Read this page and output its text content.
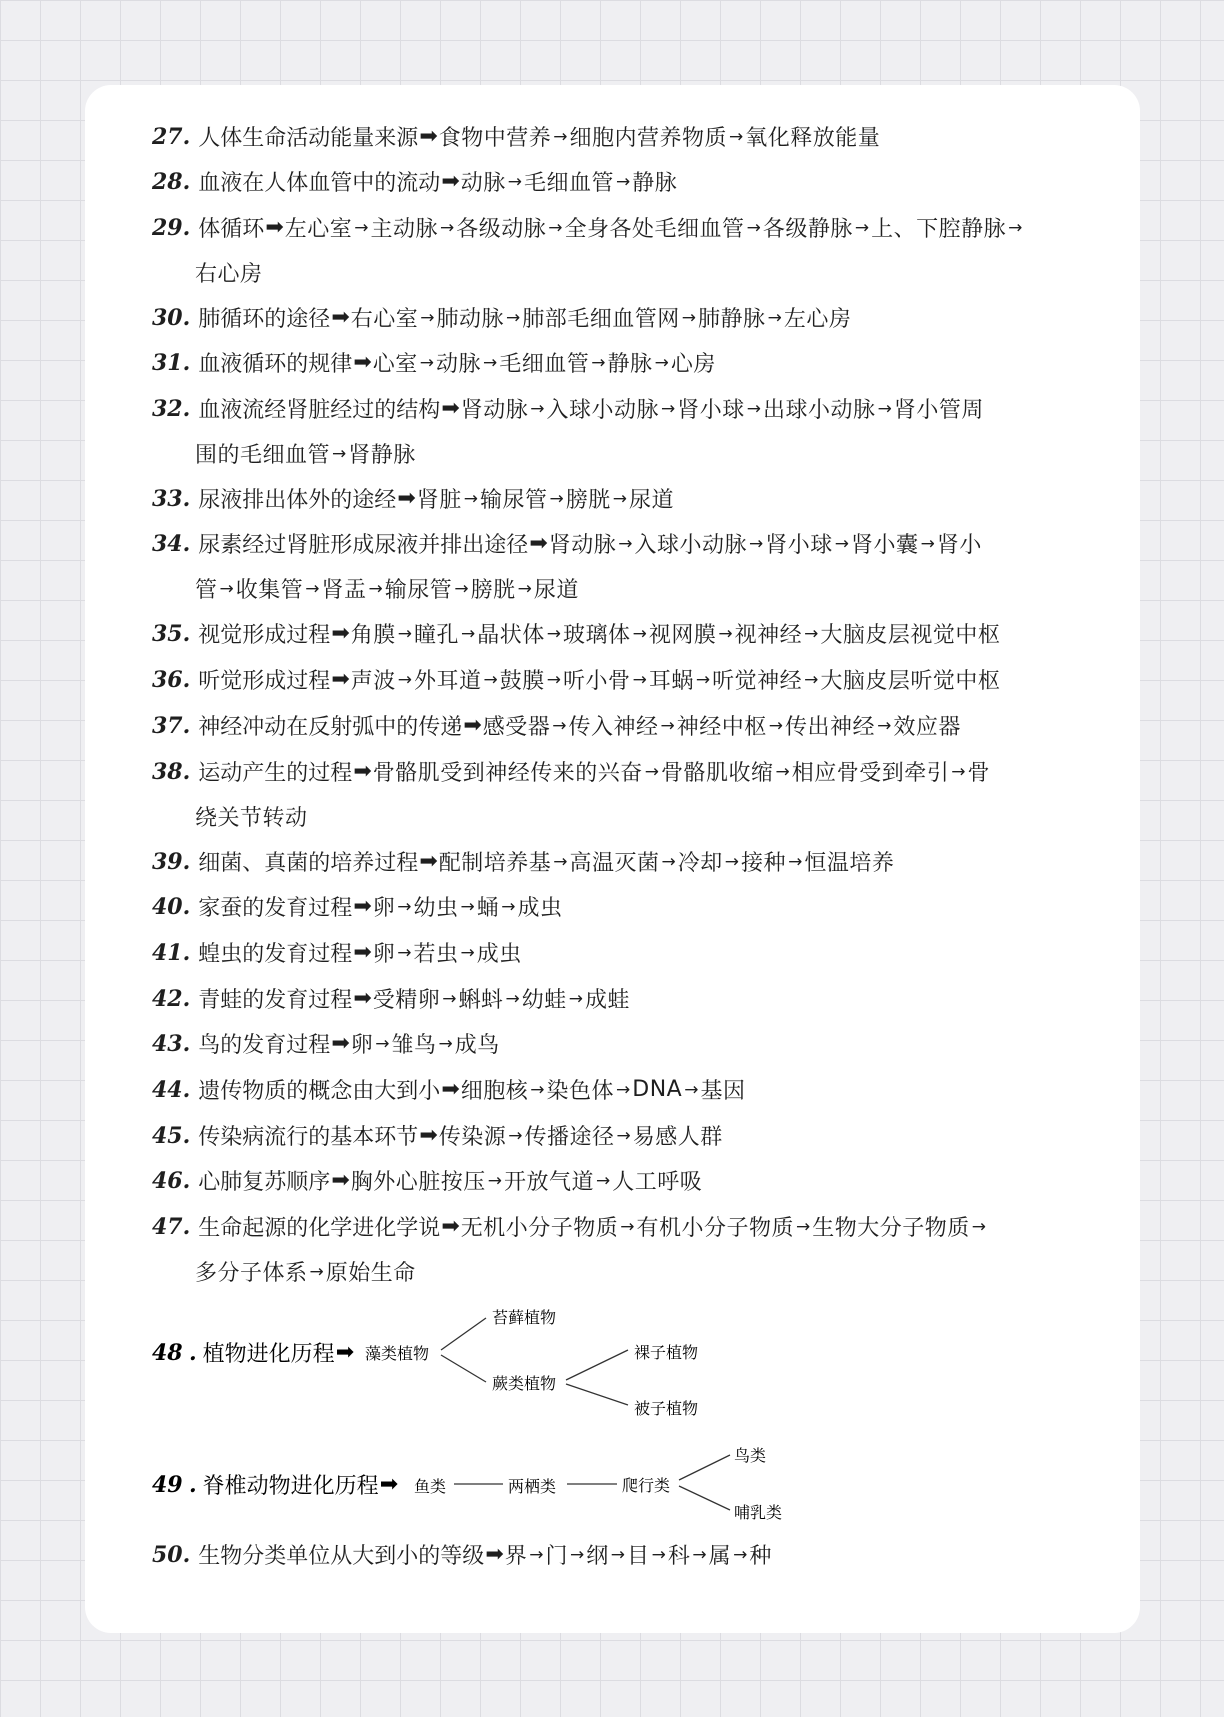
27 . 人体生命活动能量来源 ➡ 食物中营养 → 细胞内营养物质 → 氧化释放能量
28 . 血液在人体血管中的流动 ➡ 动脉 → 毛细血管 → 静脉
29 . 体循环 ➡ 左心室 → 主动脉 → 各级动脉 → 全身各处毛细血管 → 各级静脉 → 上、下腔静脉 →
右心房
30 . 肺循环的途径 ➡ 右心室 → 肺动脉 → 肺部毛细血管网 → 肺静脉 → 左心房
31 . 血液循环的规律 ➡ 心室 → 动脉 → 毛细血管 → 静脉 → 心房
32 . 血液流经肾脏经过的结构 ➡ 肾动脉 → 入球小动脉 → 肾小球 → 出球小动脉 → 肾小管周
围的毛细血管 → 肾静脉
33 . 尿液排出体外的途经 ➡ 肾脏 → 输尿管 → 膀胱 → 尿道
34 . 尿素经过肾脏形成尿液并排出途径 ➡ 肾动脉 → 入球小动脉 → 肾小球 → 肾小囊 → 肾小
管 → 收集管 → 肾盂 → 输尿管 → 膀胱 → 尿道
35 . 视觉形成过程 ➡ 角膜 → 瞳孔 → 晶状体 → 玻璃体 → 视网膜 → 视神经 → 大脑皮层视觉中枢
36 . 听觉形成过程 ➡ 声波 → 外耳道 → 鼓膜 → 听小骨 → 耳蜗 → 听觉神经 → 大脑皮层听觉中枢
37 . 神经冲动在反射弧中的传递 ➡ 感受器 → 传入神经 → 神经中枢 → 传出神经 → 效应器
38 . 运动产生的过程 ➡ 骨骼肌受到神经传来的兴奋 → 骨骼肌收缩 → 相应骨受到牵引 → 骨
绕关节转动
39 . 细菌、真菌的培养过程 ➡ 配制培养基 → 高温灭菌 → 冷却 → 接种 → 恒温培养
40 . 家蚕的发育过程 ➡ 卵 → 幼虫 → 蛹 → 成虫
41 . 蝗虫的发育过程 ➡ 卵 → 若虫 → 成虫
42 . 青蛙的发育过程 ➡ 受精卵 → 蝌蚪 → 幼蛙 → 成蛙
43 . 鸟的发育过程 ➡ 卵 → 雏鸟 → 成鸟
44 . 遗传物质的概念由大到小 ➡ 细胞核 → 染色体 → DNA → 基因
45 . 传染病流行的基本环节 ➡ 传染源 → 传播途径 → 易感人群
46 . 心肺复苏顺序 ➡ 胸外心脏按压 → 开放气道 → 人工呼吸
47 . 生命起源的化学进化学说 ➡ 无机小分子物质 → 有机小分子物质 → 生物大分子物质 →
多分子体系 → 原始生命
50 . 生物分类单位从大到小的等级 ➡ 界 → 门 → 纲 → 目 → 科 → 属 → 种
48 . 植物进化历程 ➡ 藻类植物
苔藓植物
蕨类植物
裸子植物
被子植物
49 . 脊椎动物进化历程 ➡ 鱼类	两栖类	爬行类
鸟类
哺乳类
